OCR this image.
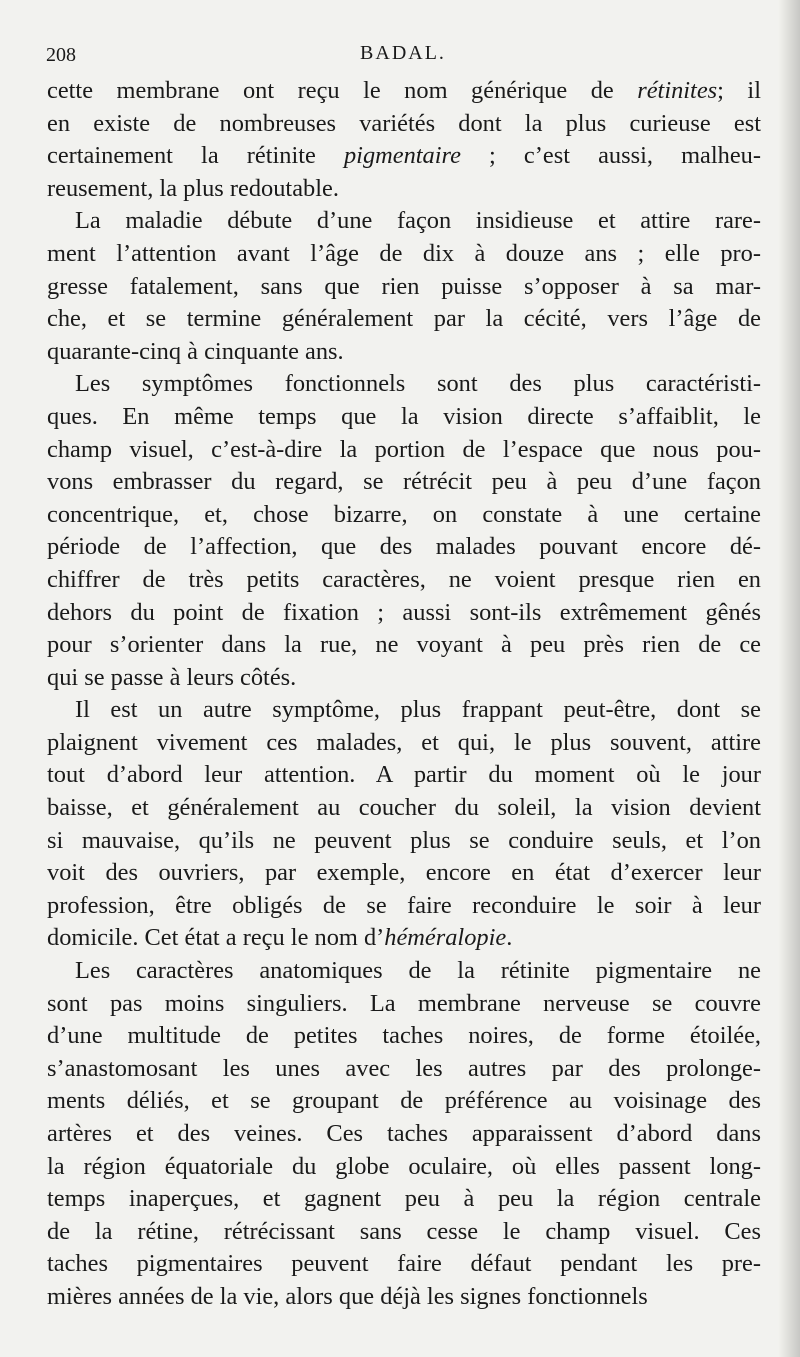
208	BADAL.
cette membrane ont reçu le nom générique de rétinites; il
en existe de nombreuses variétés dont la plus curieuse est
certainement la rétinite pigmentaire ; c’est aussi, malheu-
reusement, la plus redoutable.
La maladie débute d’une façon insidieuse et attire rare-
ment l’attention avant l’âge de dix à douze ans ; elle pro-
gresse fatalement, sans que rien puisse s’opposer à sa mar-
che, et se termine généralement par la cécité, vers l’âge de
quarante-cinq à cinquante ans.
Les symptômes fonctionnels sont des plus caractéristi-
ques. En même temps que la vision directe s’affaiblit, le
champ visuel, c’est-à-dire la portion de l’espace que nous pou-
vons embrasser du regard, se rétrécit peu à peu d’une façon
concentrique, et, chose bizarre, on constate à une certaine
période de l’affection, que des malades pouvant encore dé-
chiffrer de très petits caractères, ne voient presque rien en
dehors du point de fixation ; aussi sont-ils extrêmement gênés
pour s’orienter dans la rue, ne voyant à peu près rien de ce
qui se passe à leurs côtés.
Il est un autre symptôme, plus frappant peut-être, dont se
plaignent vivement ces malades, et qui, le plus souvent, attire
tout d’abord leur attention. A partir du moment où le jour
baisse, et généralement au coucher du soleil, la vision devient
si mauvaise, qu’ils ne peuvent plus se conduire seuls, et l’on
voit des ouvriers, par exemple, encore en état d’exercer leur
profession, être obligés de se faire reconduire le soir à leur
domicile. Cet état a reçu le nom d’héméralopie.
Les caractères anatomiques de la rétinite pigmentaire ne
sont pas moins singuliers. La membrane nerveuse se couvre
d’une multitude de petites taches noires, de forme étoilée,
s’anastomosant les unes avec les autres par des prolonge-
ments déliés, et se groupant de préférence au voisinage des
artères et des veines. Ces taches apparaissent d’abord dans
la région équatoriale du globe oculaire, où elles passent long-
temps inaperçues, et gagnent peu à peu la région centrale
de la rétine, rétrécissant sans cesse le champ visuel. Ces
taches pigmentaires peuvent faire défaut pendant les pre-
mières années de la vie, alors que déjà les signes fonctionnels
